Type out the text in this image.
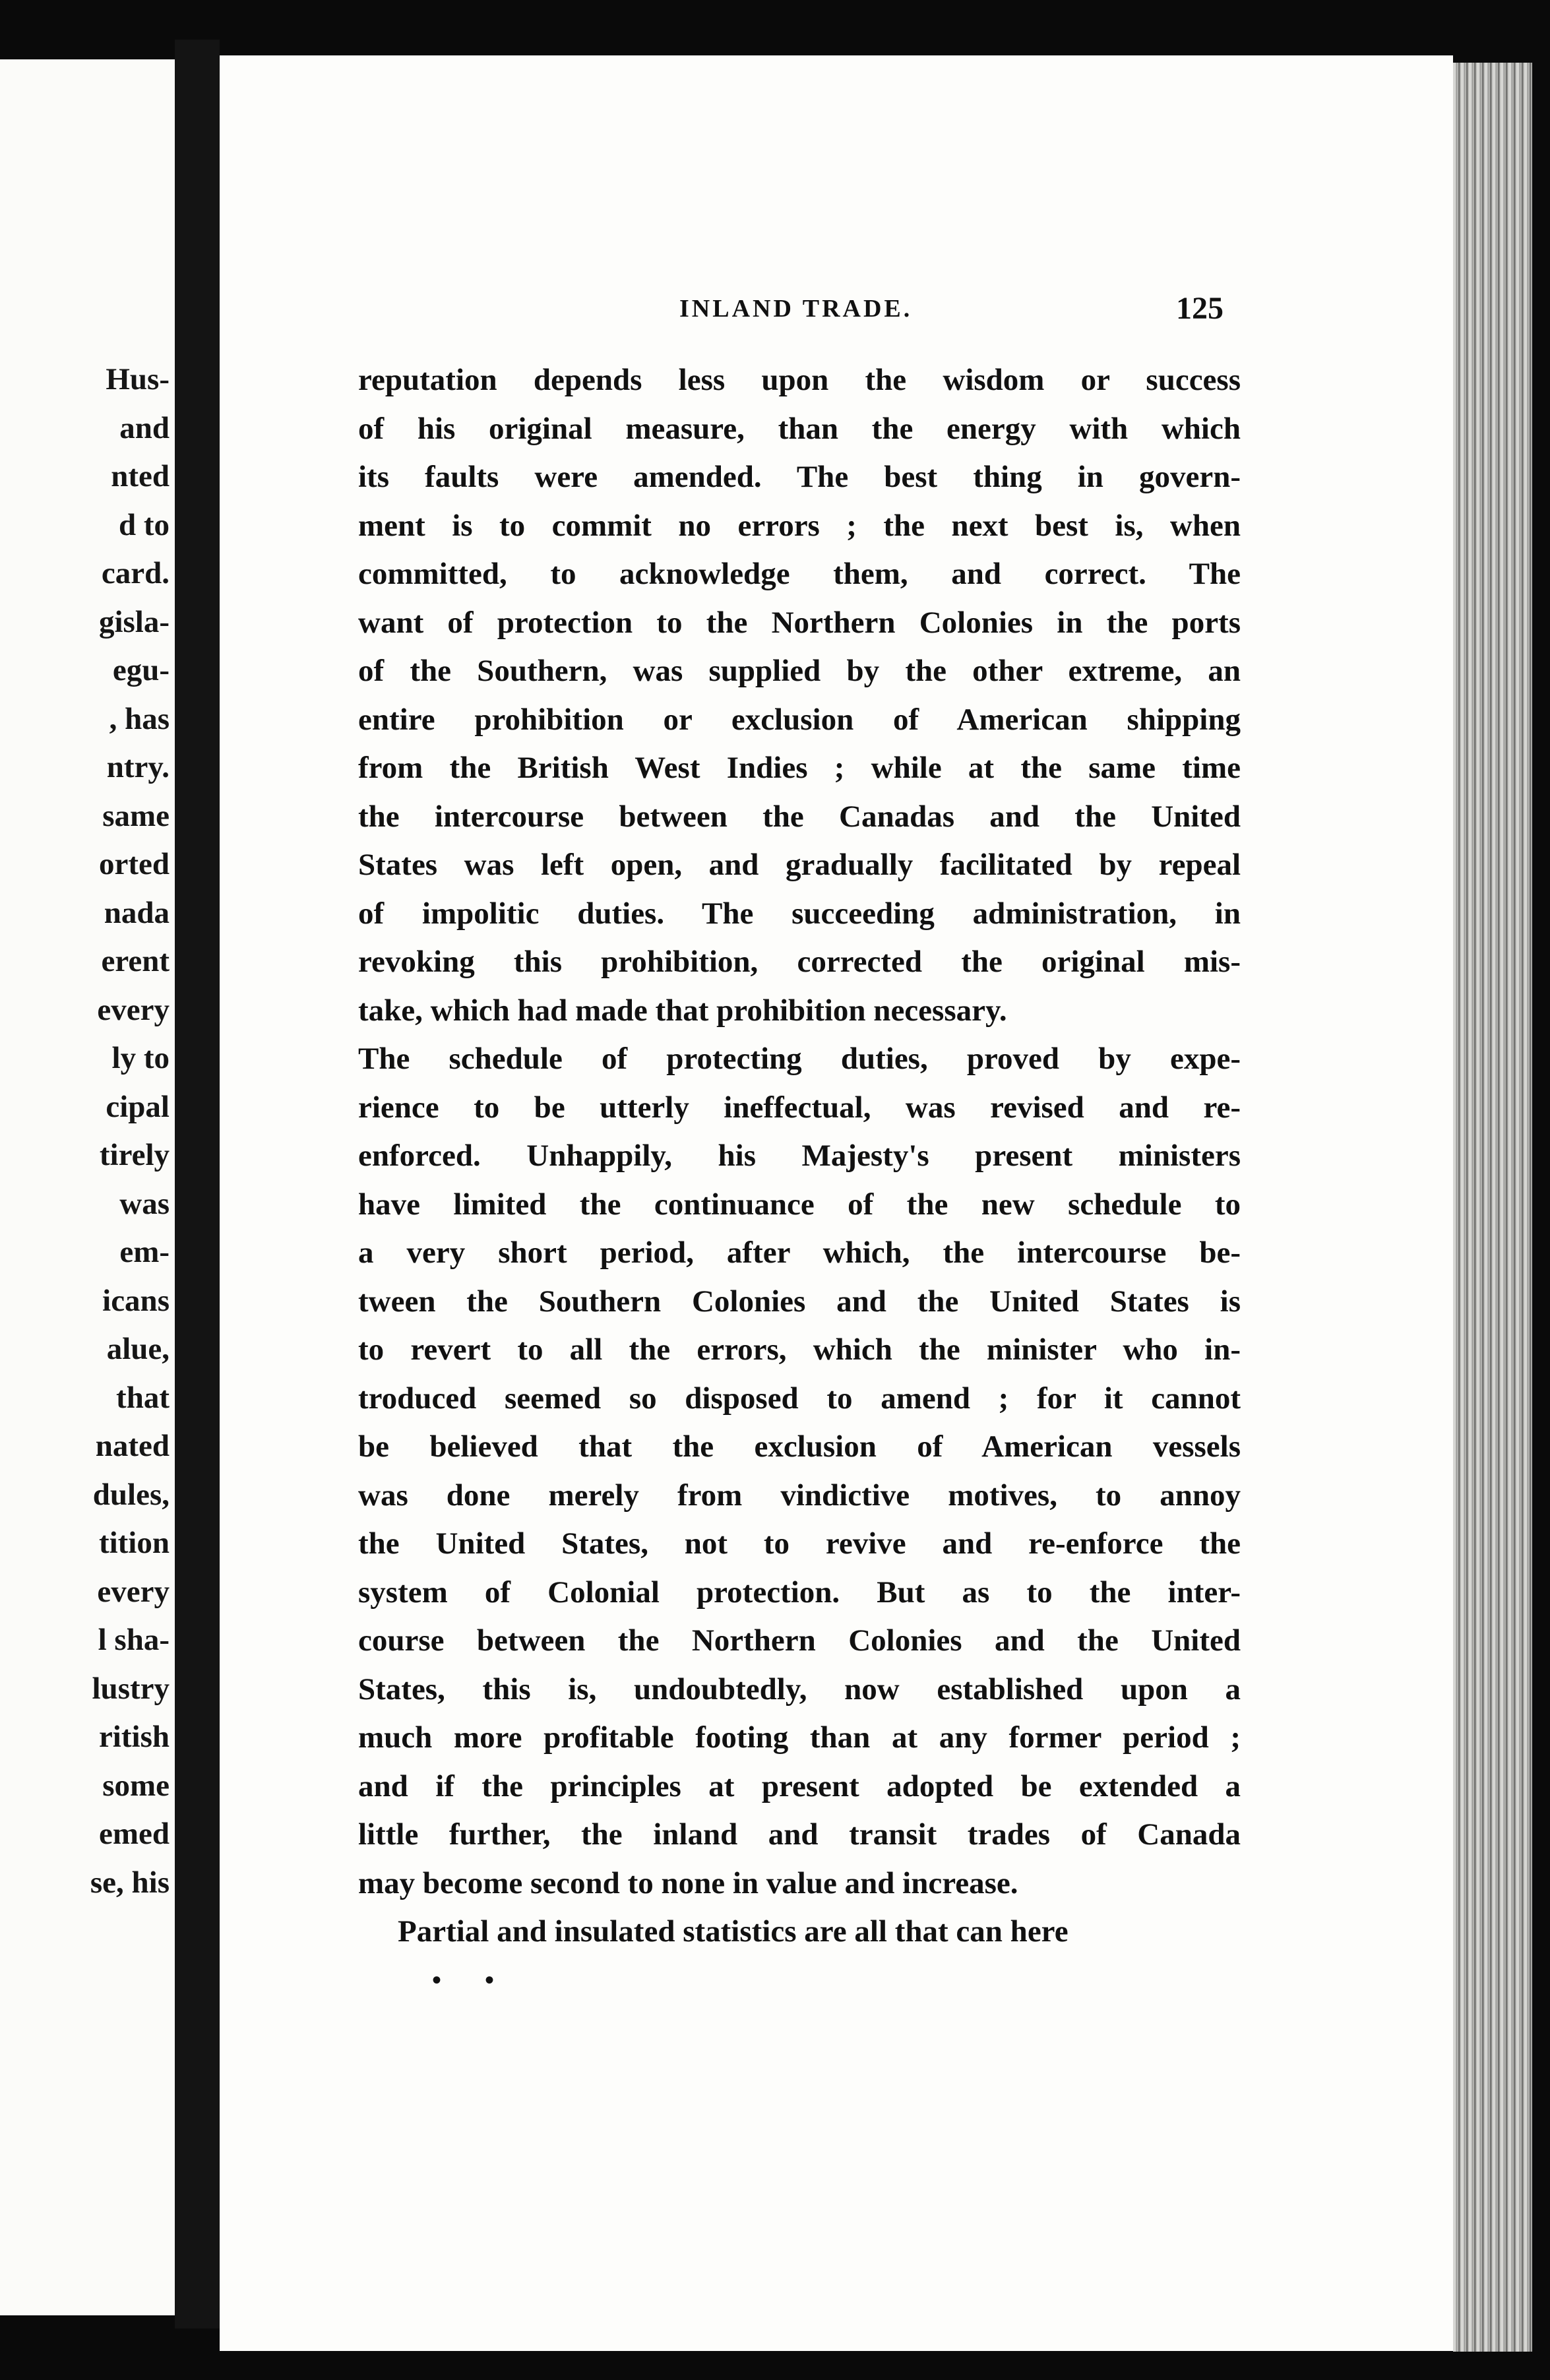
Hus-
and
nted
d to
card.
gisla-
egu-
, has
ntry.
same
orted
nada
erent
every
ly to
cipal
tirely
was
em-
icans
alue,
that
nated
dules,
tition
every
l sha-
lustry
ritish
some
emed
se, his
INLAND TRADE.	125
reputation depends less upon the wisdom or success
of his original measure, than the energy with which
its faults were amended. The best thing in govern-
ment is to commit no errors ; the next best is, when
committed, to acknowledge them, and correct. The
want of protection to the Northern Colonies in the ports
of the Southern, was supplied by the other extreme, an
entire prohibition or exclusion of American shipping
from the British West Indies ; while at the same time
the intercourse between the Canadas and the United
States was left open, and gradually facilitated by repeal
of impolitic duties. The succeeding administration, in
revoking this prohibition, corrected the original mis-
take, which had made that prohibition necessary.
The schedule of protecting duties, proved by expe-
rience to be utterly ineffectual, was revised and re-
enforced. Unhappily, his Majesty's present ministers
have limited the continuance of the new schedule to
a very short period, after which, the intercourse be-
tween the Southern Colonies and the United States is
to revert to all the errors, which the minister who in-
troduced seemed so disposed to amend ; for it cannot
be believed that the exclusion of American vessels
was done merely from vindictive motives, to annoy
the United States, not to revive and re-enforce the
system of Colonial protection. But as to the inter-
course between the Northern Colonies and the United
States, this is, undoubtedly, now established upon a
much more profitable footing than at any former period ;
and if the principles at present adopted be extended a
little further, the inland and transit trades of Canada
may become second to none in value and increase.
Partial and insulated statistics are all that can here
• •
